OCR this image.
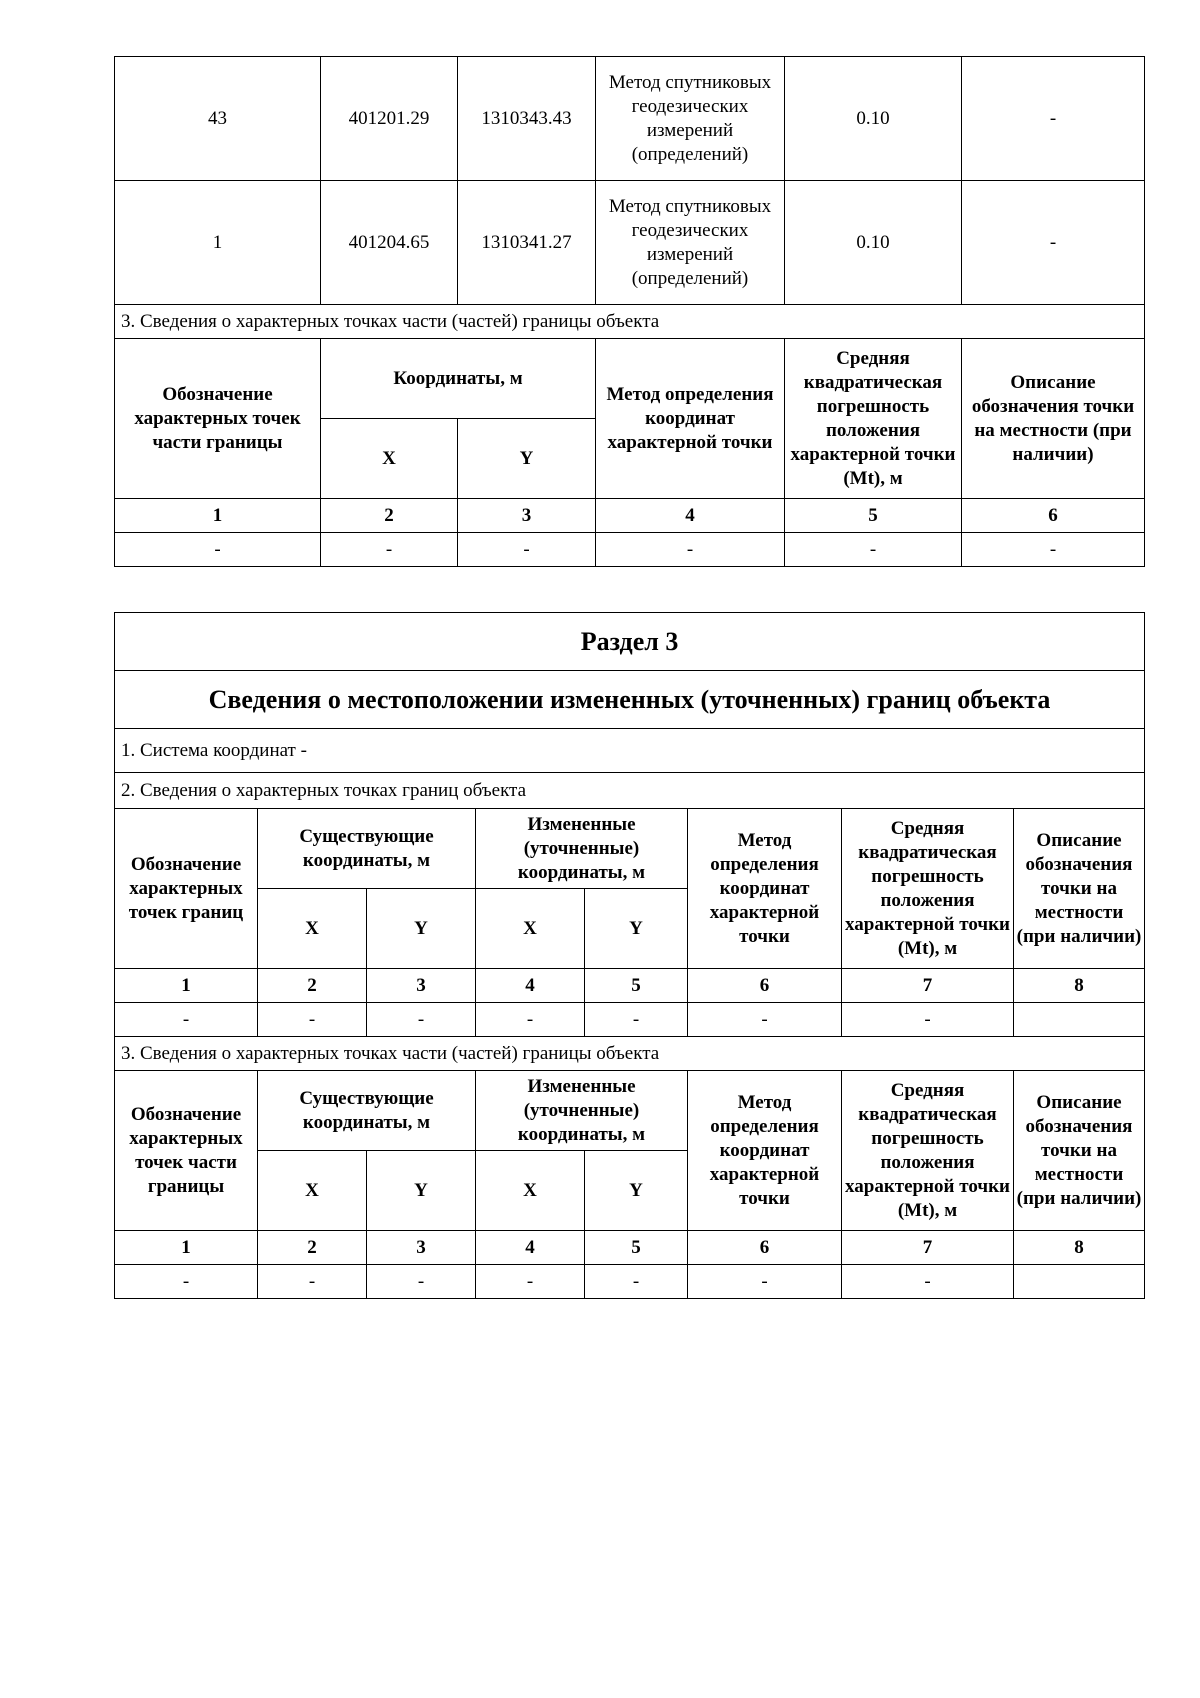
43	401201.29	1310343.43	Метод спутниковых геодезических измерений (определений)	0.10	-
1	401204.65	1310341.27	Метод спутниковых геодезических измерений (определений)	0.10	-
3. Сведения о характерных точках части (частей) границы объекта					
Обозначение характерных точек части границы	Координаты, м		Метод определения координат характерной точки	Средняя квадратическая погрешность положения характерной точки (Mt), м	Описание обозначения точки на местности (при наличии)
	X	Y			
1	2	3	4	5	6
-	-	-	-	-	-
Раздел 3							
Сведения о местоположении измененных (уточненных) границ объекта							
1. Система координат -							
2. Сведения о характерных точках границ объекта							
Обозначение характерных точек границ	Существующие координаты, м		Измененные (уточненные) координаты, м		Метод определения координат характерной точки	Средняя квадратическая погрешность положения характерной точки (Mt), м	Описание обозначения точки на местности (при наличии)
	X	Y	X	Y			
1	2	3	4	5	6	7	8
-	-	-	-	-	-	-	
3. Сведения о характерных точках части (частей) границы объекта							
Обозначение характерных точек части границы	Существующие координаты, м		Измененные (уточненные) координаты, м		Метод определения координат характерной точки	Средняя квадратическая погрешность положения характерной точки (Mt), м	Описание обозначения точки на местности (при наличии)
	X	Y	X	Y			
1	2	3	4	5	6	7	8
-	-	-	-	-	-	-	
